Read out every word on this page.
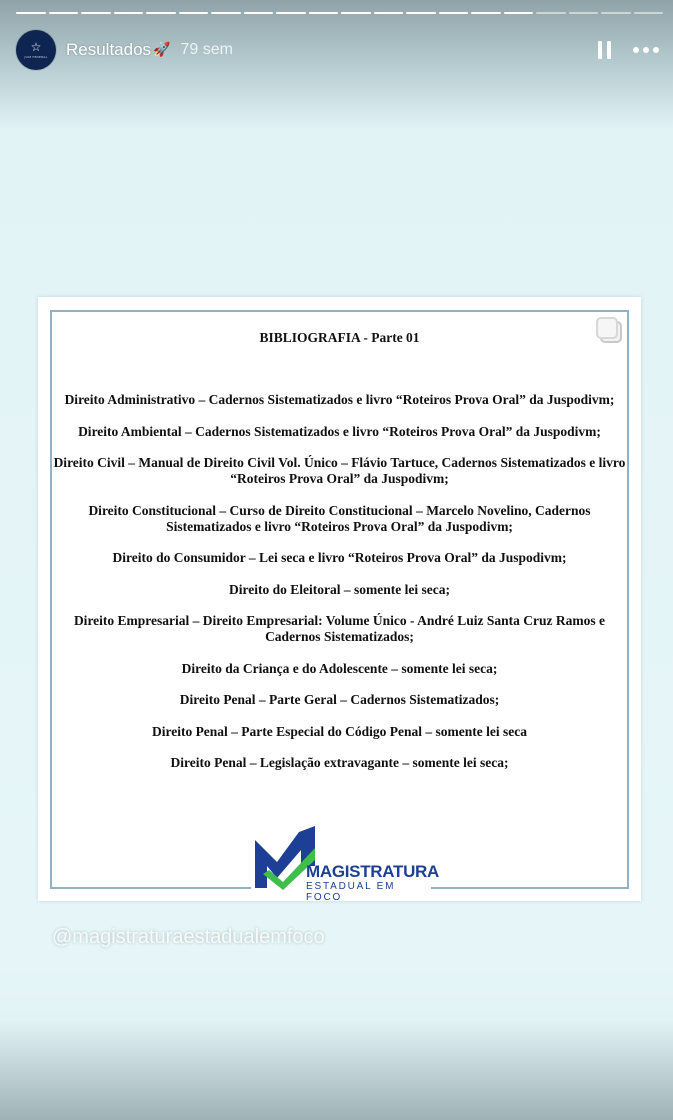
☆
JUIZ FEDERAL Resultados 🚀 79 sem
BIBLIOGRAFIA - Parte 01
Direito Administrativo – Cadernos Sistematizados e livro “Roteiros Prova Oral” da Juspodivm;
Direito Ambiental – Cadernos Sistematizados e livro “Roteiros Prova Oral” da Juspodivm;
Direito Civil – Manual de Direito Civil Vol. Único – Flávio Tartuce, Cadernos Sistematizados e livro “Roteiros Prova Oral” da Juspodivm;
Direito Constitucional – Curso de Direito Constitucional – Marcelo Novelino, Cadernos Sistematizados e livro “Roteiros Prova Oral” da Juspodivm;
Direito do Consumidor – Lei seca e livro “Roteiros Prova Oral” da Juspodivm;
Direito do Eleitoral – somente lei seca;
Direito Empresarial – Direito Empresarial: Volume Único - André Luiz Santa Cruz Ramos e Cadernos Sistematizados;
Direito da Criança e do Adolescente – somente lei seca;
Direito Penal – Parte Geral – Cadernos Sistematizados;
Direito Penal – Parte Especial do Código Penal – somente lei seca
Direito Penal – Legislação extravagante – somente lei seca;
MAGISTRATURA
ESTADUAL EM FOCO
@magistraturaestadualemfoco
